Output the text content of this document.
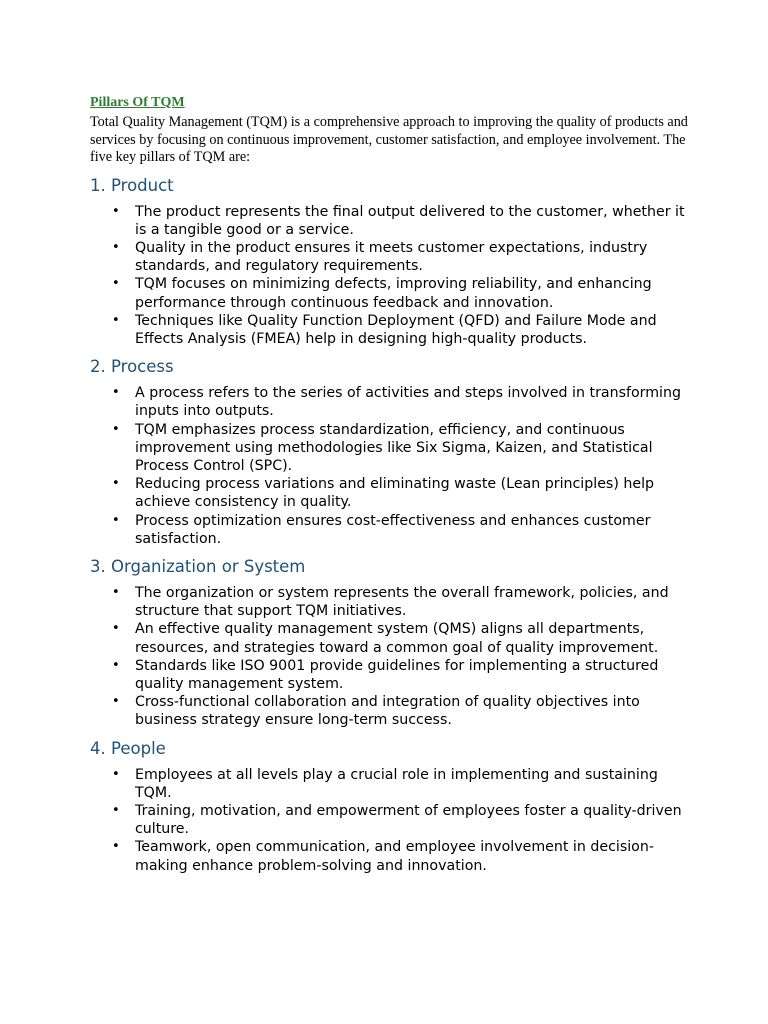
Pillars Of TQM

Total Quality Management (TQM) is a comprehensive approach to improving the quality of products and services by focusing on continuous improvement, customer satisfaction, and employee involvement. The five key pillars of TQM are:

1. Product
• The product represents the final output delivered to the customer, whether it is a tangible good or a service.
• Quality in the product ensures it meets customer expectations, industry standards, and regulatory requirements.
• TQM focuses on minimizing defects, improving reliability, and enhancing performance through continuous feedback and innovation.
• Techniques like Quality Function Deployment (QFD) and Failure Mode and Effects Analysis (FMEA) help in designing high-quality products.
2. Process
• A process refers to the series of activities and steps involved in transforming inputs into outputs.
• TQM emphasizes process standardization, efficiency, and continuous improvement using methodologies like Six Sigma, Kaizen, and Statistical Process Control (SPC).
• Reducing process variations and eliminating waste (Lean principles) help achieve consistency in quality.
• Process optimization ensures cost-effectiveness and enhances customer satisfaction.
3. Organization or System
• The organization or system represents the overall framework, policies, and structure that support TQM initiatives.
• An effective quality management system (QMS) aligns all departments, resources, and strategies toward a common goal of quality improvement.
• Standards like ISO 9001 provide guidelines for implementing a structured quality management system.
• Cross-functional collaboration and integration of quality objectives into business strategy ensure long-term success.
4. People
• Employees at all levels play a crucial role in implementing and sustaining TQM.
• Training, motivation, and empowerment of employees foster a quality-driven culture.
• Teamwork, open communication, and employee involvement in decision-making enhance problem-solving and innovation.
